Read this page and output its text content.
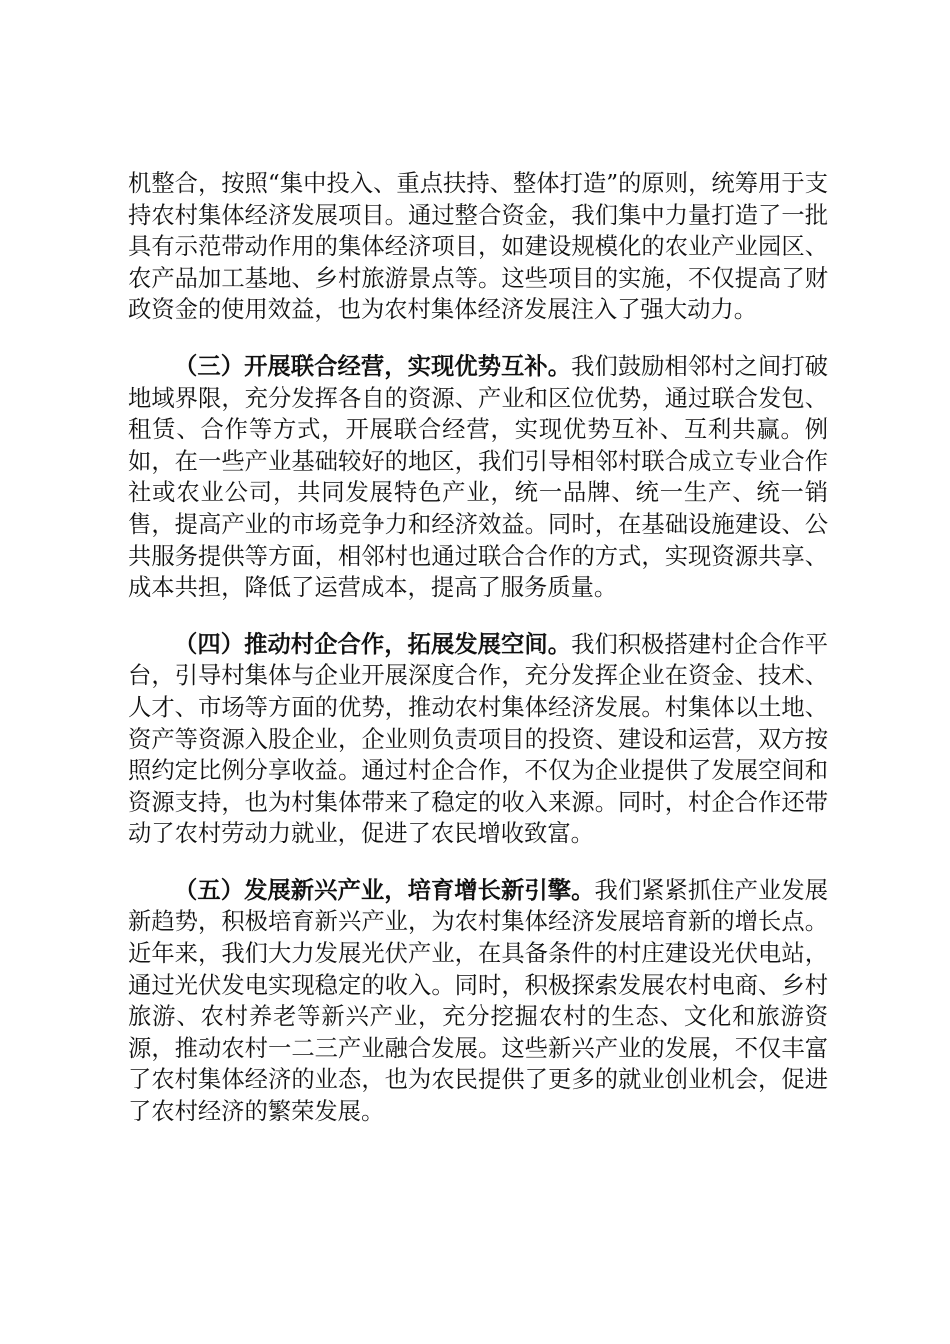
机整合，按照“集中投入、重点扶持、整体打造”的原则，统筹用于支持农村集体经济发展项目。通过整合资金，我们集中力量打造了一批具有示范带动作用的集体经济项目，如建设规模化的农业产业园区、农产品加工基地、乡村旅游景点等。这些项目的实施，不仅提高了财政资金的使用效益，也为农村集体经济发展注入了强大动力。

（三）开展联合经营，实现优势互补。我们鼓励相邻村之间打破地域界限，充分发挥各自的资源、产业和区位优势，通过联合发包、租赁、合作等方式，开展联合经营，实现优势互补、互利共赢。例如，在一些产业基础较好的地区，我们引导相邻村联合成立专业合作社或农业公司，共同发展特色产业，统一品牌、统一生产、统一销售，提高产业的市场竞争力和经济效益。同时，在基础设施建设、公共服务提供等方面，相邻村也通过联合合作的方式，实现资源共享、成本共担，降低了运营成本，提高了服务质量。

（四）推动村企合作，拓展发展空间。我们积极搭建村企合作平台，引导村集体与企业开展深度合作，充分发挥企业在资金、技术、人才、市场等方面的优势，推动农村集体经济发展。村集体以土地、资产等资源入股企业，企业则负责项目的投资、建设和运营，双方按照约定比例分享收益。通过村企合作，不仅为企业提供了发展空间和资源支持，也为村集体带来了稳定的收入来源。同时，村企合作还带动了农村劳动力就业，促进了农民增收致富。

（五）发展新兴产业，培育增长新引擎。我们紧紧抓住产业发展新趋势，积极培育新兴产业，为农村集体经济发展培育新的增长点。近年来，我们大力发展光伏产业，在具备条件的村庄建设光伏电站，通过光伏发电实现稳定的收入。同时，积极探索发展农村电商、乡村旅游、农村养老等新兴产业，充分挖掘农村的生态、文化和旅游资源，推动农村一二三产业融合发展。这些新兴产业的发展，不仅丰富了农村集体经济的业态，也为农民提供了更多的就业创业机会，促进了农村经济的繁荣发展。
